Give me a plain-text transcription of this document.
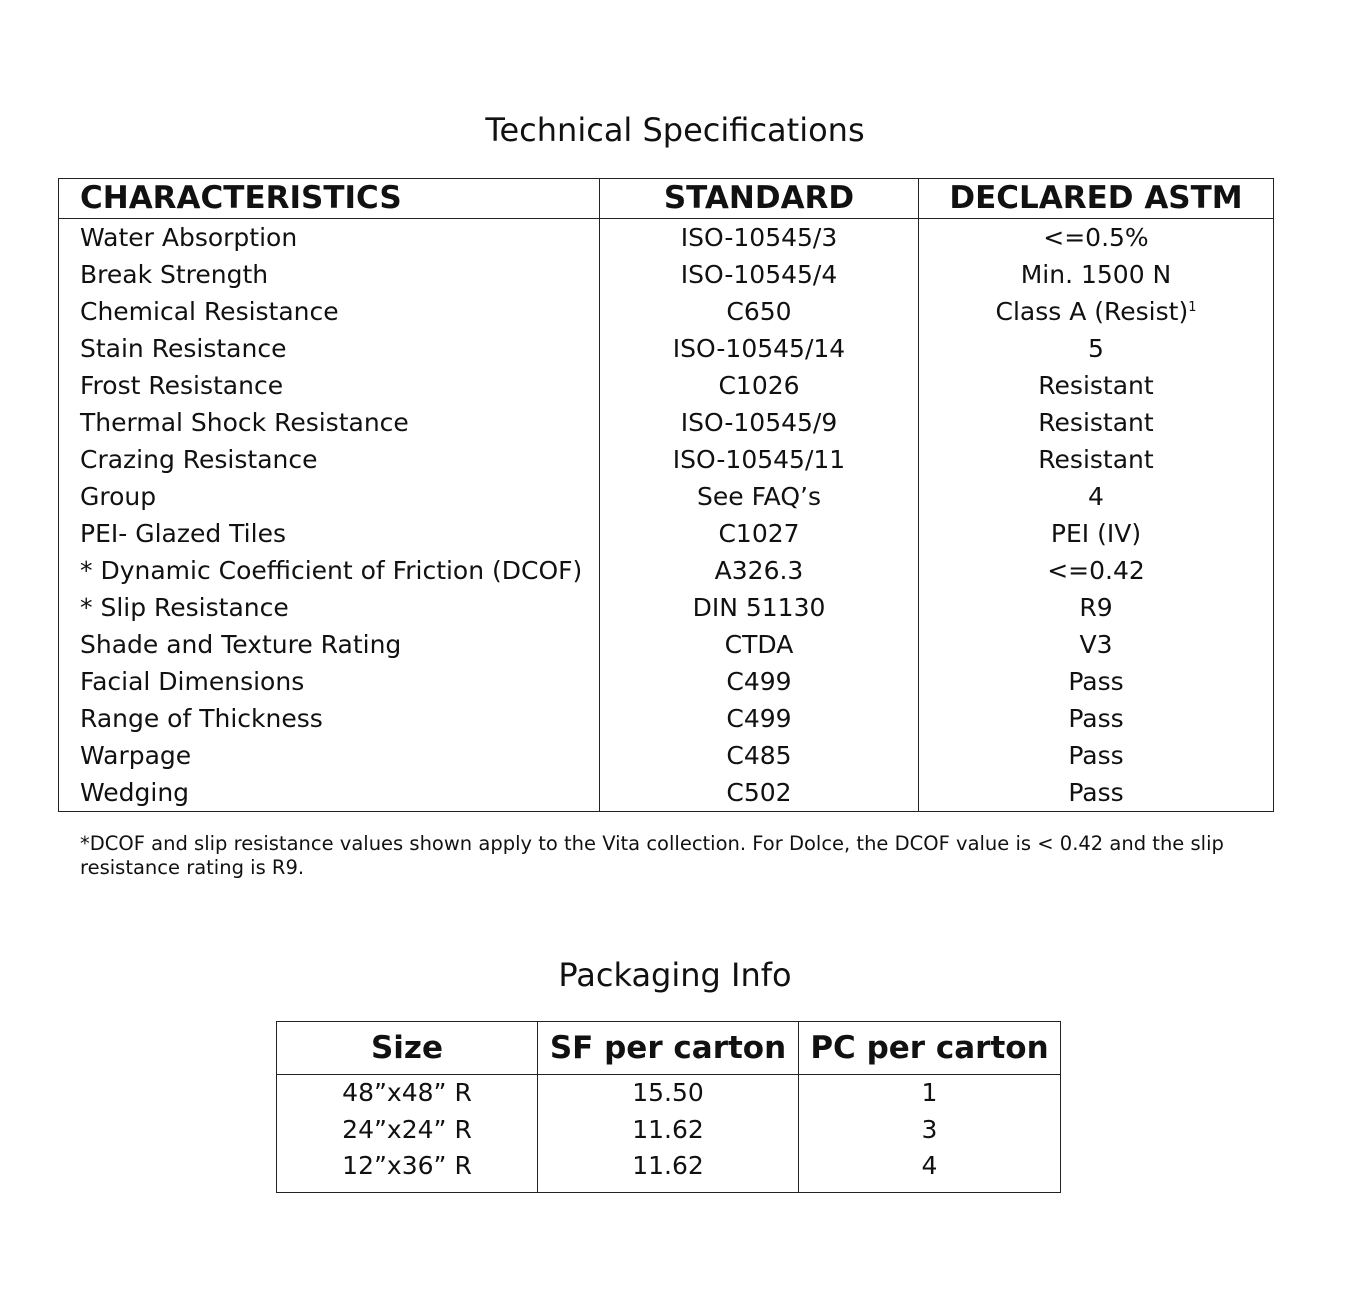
Technical Specifications
CHARACTERISTICS	STANDARD	DECLARED ASTM
Water Absorption	ISO-10545/3	<=0.5%
Break Strength	ISO-10545/4	Min. 1500 N
Chemical Resistance	C650	Class A (Resist)$^1$
Stain Resistance	ISO-10545/14	5
Frost Resistance	C1026	Resistant
Thermal Shock Resistance	ISO-10545/9	Resistant
Crazing Resistance	ISO-10545/11	Resistant
Group	See FAQ’s	4
PEI- Glazed Tiles	C1027	PEI (IV)
* Dynamic Coefficient of Friction (DCOF)	A326.3	<=0.42
* Slip Resistance	DIN 51130	R9
Shade and Texture Rating	CTDA	V3
Facial Dimensions	C499	Pass
Range of Thickness	C499	Pass
Warpage	C485	Pass
Wedging	C502	Pass

*DCOF and slip resistance values shown apply to the Vita collection. For Dolce, the DCOF value is < 0.42 and the slip resistance rating is R9.

Packaging Info
Size	SF per carton	PC per carton
48”x48” R	15.50	1
24”x24” R	11.62	3
12”x36” R	11.62	4
